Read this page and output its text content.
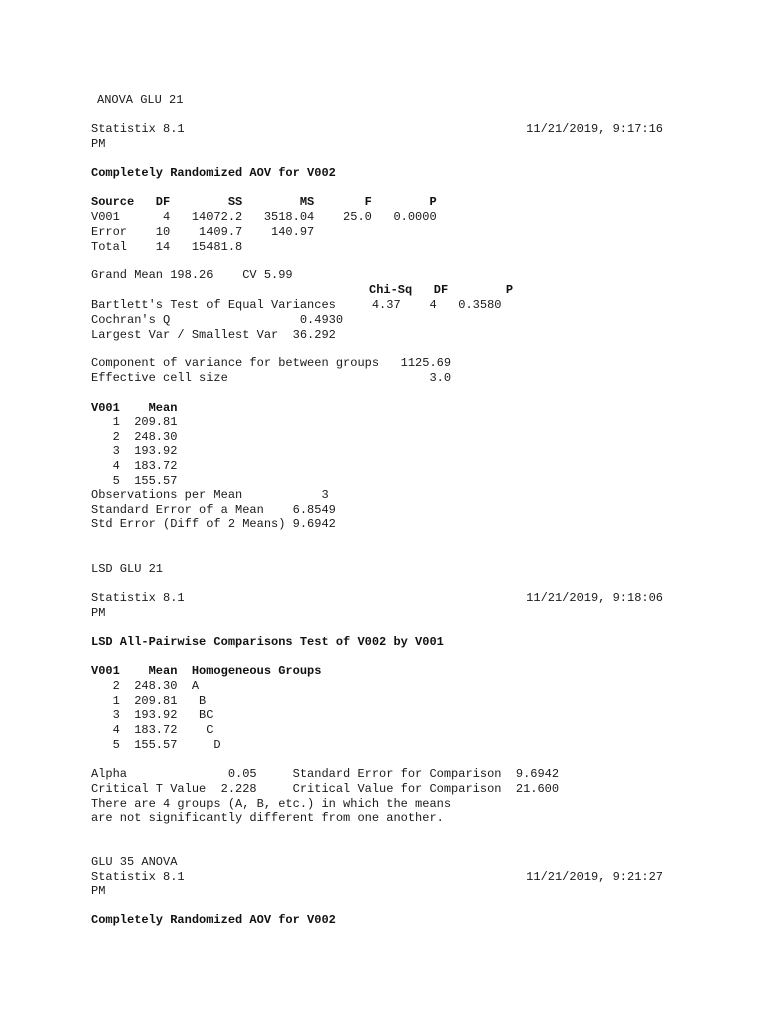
ANOVA GLU 21

Statistix 8.1	11/21/2019, 9:17:16

PM

Completely Randomized AOV for V002

Source   DF        SS        MS       F        P

V001      4   14072.2   3518.04    25.0   0.0000

Error    10    1409.7    140.97

Total    14   15481.8

Grand Mean 198.26    CV 5.99

Chi-Sq   DF        P

Bartlett's Test of Equal Variances     4.37    4   0.3580

Cochran's Q                  0.4930

Largest Var / Smallest Var  36.292

Component of variance for between groups   1125.69

Effective cell size                            3.0

V001    Mean

1  209.81

2  248.30

3  193.92

4  183.72

5  155.57

Observations per Mean           3

Standard Error of a Mean    6.8549

Std Error (Diff of 2 Means) 9.6942

LSD GLU 21

Statistix 8.1	11/21/2019, 9:18:06

PM

LSD All-Pairwise Comparisons Test of V002 by V001

V001    Mean  Homogeneous Groups

2  248.30  A

1  209.81   B

3  193.92   BC

4  183.72    C

5  155.57     D

Alpha              0.05     Standard Error for Comparison  9.6942

Critical T Value  2.228     Critical Value for Comparison  21.600

There are 4 groups (A, B, etc.) in which the means

are not significantly different from one another.

GLU 35 ANOVA

Statistix 8.1	11/21/2019, 9:21:27

PM

Completely Randomized AOV for V002
